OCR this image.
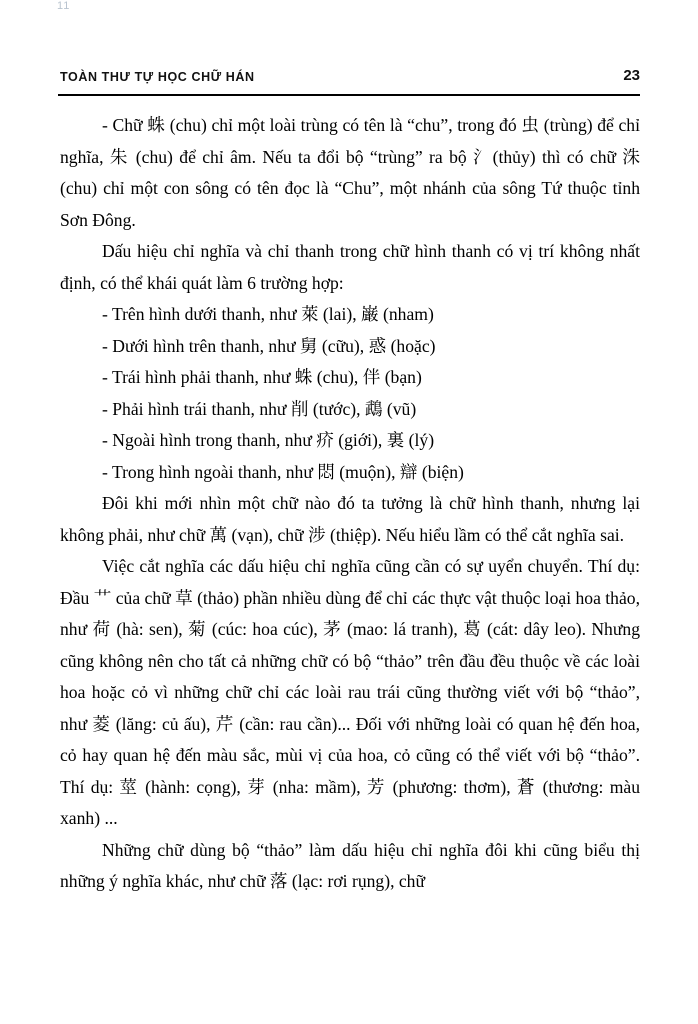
11
TOÀN THƯ TỰ HỌC CHỮ HÁN	23

- Chữ 蛛 (chu) chỉ một loài trùng có tên là “chu”, trong đó 虫 (trùng) để chỉ nghĩa, 朱 (chu) để chỉ âm. Nếu ta đổi bộ “trùng” ra bộ 氵(thủy) thì có chữ 洙 (chu) chỉ một con sông có tên đọc là “Chu”, một nhánh của sông Tứ thuộc tỉnh Sơn Đông.

Dấu hiệu chỉ nghĩa và chỉ thanh trong chữ hình thanh có vị trí không nhất định, có thể khái quát làm 6 trường hợp:

- Trên hình dưới thanh, như 萊 (lai), 巌 (nham)

- Dưới hình trên thanh, như 舅 (cữu), 惑 (hoặc)

- Trái hình phải thanh, như 蛛 (chu), 伴 (bạn)

- Phải hình trái thanh, như 削 (tước), 鵡 (vũ)

- Ngoài hình trong thanh, như 疥 (giới), 裏 (lý)

- Trong hình ngoài thanh, như 悶 (muộn), 辯 (biện)

Đôi khi mới nhìn một chữ nào đó ta tưởng là chữ hình thanh, nhưng lại không phải, như chữ 萬 (vạn), chữ 涉 (thiệp). Nếu hiểu lầm có thể cắt nghĩa sai.

Việc cắt nghĩa các dấu hiệu chỉ nghĩa cũng cần có sự uyển chuyển. Thí dụ: Đầu 艹 của chữ 草 (thảo) phần nhiều dùng để chỉ các thực vật thuộc loại hoa thảo, như 荷 (hà: sen), 菊 (cúc: hoa cúc), 茅 (mao: lá tranh), 葛 (cát: dây leo). Nhưng cũng không nên cho tất cả những chữ có bộ “thảo” trên đầu đều thuộc về các loài hoa hoặc cỏ vì những chữ chỉ các loài rau trái cũng thường viết với bộ “thảo”, như 菱 (lăng: củ ấu), 芹 (cần: rau cần)... Đối với những loài có quan hệ đến hoa, cỏ hay quan hệ đến màu sắc, mùi vị của hoa, cỏ cũng có thể viết với bộ “thảo”. Thí dụ: 莖 (hành: cọng), 芽 (nha: mầm), 芳 (phương: thơm), 蒼 (thương: màu xanh) ...

Những chữ dùng bộ “thảo” làm dấu hiệu chỉ nghĩa đôi khi cũng biểu thị những ý nghĩa khác, như chữ 落 (lạc: rơi rụng), chữ
